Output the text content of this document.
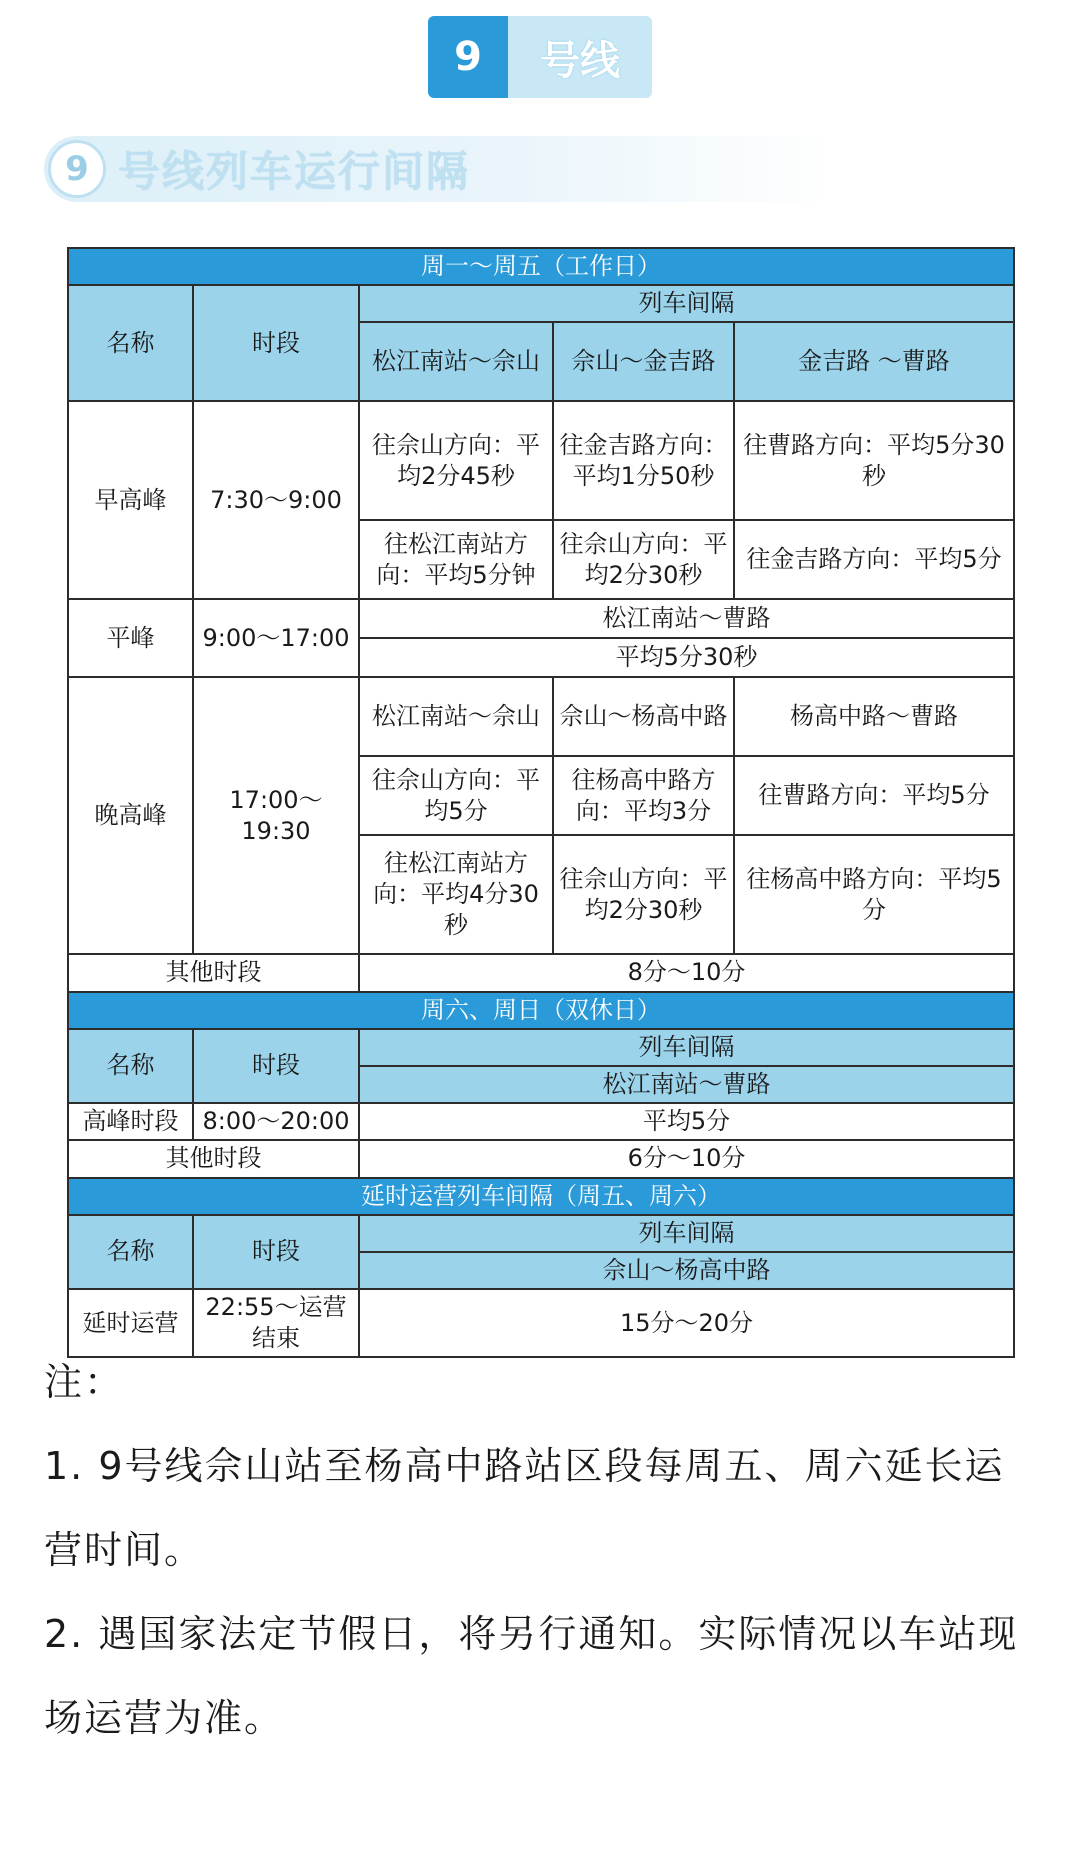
9	号线
9 号线列车运行间隔
周一～周五（工作日）				
名称	时段	列车间隔		
		松江南站～佘山	佘山～金吉路	金吉路 ～曹路
早高峰	7:30～9:00	往佘山方向：平均2分45秒	往金吉路方向：平均1分50秒	往曹路方向：平均5分30秒
		往松江南站方向：平均5分钟	往佘山方向：平均2分30秒	往金吉路方向：平均5分
平峰	9:00～17:00	松江南站～曹路		
		平均5分30秒		
晚高峰	17:00～19:30	松江南站～佘山	佘山～杨高中路	杨高中路～曹路
		往佘山方向：平均5分	往杨高中路方向：平均3分	往曹路方向：平均5分
		往松江南站方向：平均4分30秒	往佘山方向：平均2分30秒	往杨高中路方向：平均5分
其他时段		8分～10分		
周六、周日（双休日）				
名称	时段	列车间隔		
		松江南站～曹路		
高峰时段	8:00～20:00	平均5分		
其他时段		6分～10分		
延时运营列车间隔（周五、周六）				
名称	时段	列车间隔		
		佘山～杨高中路		
延时运营	22:55～运营结束	15分～20分		

注：

1. 9号线佘山站至杨高中路站区段每周五、周六延长运营时间。

2. 遇国家法定节假日，将另行通知。实际情况以车站现场运营为准。
